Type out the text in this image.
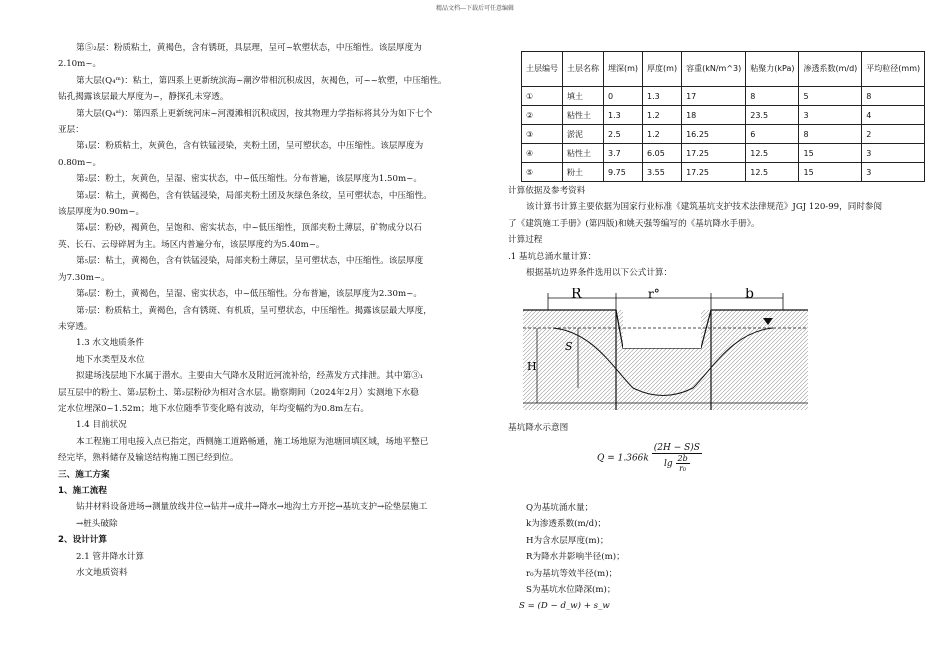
精品文档---下载后可任意编辑

第⑤₂层：粉质粘土，黄褐色，含有锈斑，具层理，呈可~软塑状态，中压缩性。该层厚度为

2.10m~。

第大层(Q₄ᵐ)：粘土，第四系上更新统滨海~潮汐带相沉积成因，灰褐色，可~~软塑，中压缩性。

钻孔揭露该层最大厚度为~，静探孔未穿透。

第大层(Q₄ᵃˡ)：第四系上更新统河床~河漫滩相沉积成因，按其物理力学指标将其分为如下七个

亚层：

第₁层：粉质粘土，灰黄色，含有铁锰浸染，夹粉土团，呈可塑状态，中压缩性。该层厚度为

0.80m~。

第₂层：粉土，灰黄色，呈湿、密实状态，中~低压缩性。分布普遍，该层厚度为1.50m~。

第₃层：粘土，黄褐色，含有铁锰浸染，局部夹粉土团及灰绿色条纹，呈可塑状态，中压缩性。

该层厚度为0.90m~。

第₄层：粉砂，褐黄色，呈饱和、密实状态，中~低压缩性，顶部夹粉土薄层，矿物成分以石

英、长石、云母碎屑为主。场区内普遍分布，该层厚度约为5.40m~。

第₅层：粘土，黄褐色，含有铁锰浸染，局部夹粉土薄层，呈可塑状态，中压缩性。该层厚度

为7.30m~。

第₆层：粉土，黄褐色，呈湿、密实状态，中~低压缩性。分布普遍，该层厚度为2.30m~。

第₇层：粉质粘土，黄褐色，含有锈斑、有机质，呈可塑状态，中压缩性。揭露该层最大厚度，

未穿透。

1.3 水文地质条件

地下水类型及水位

拟建场浅层地下水属于潜水。主要由大气降水及附近河流补给，经蒸发方式排泄。其中第③₁

层互层中的粉土、第₂层粉土、第₂层粉砂为相对含水层。勘察期间（2024年2月）实测地下水稳

定水位埋深0~1.52m；地下水位随季节变化略有波动，年均变幅约为0.8m左右。

1.4 目前状况

本工程施工用电接入点已指定，西侧施工道路畅通，施工场地原为池塘回填区域，场地平整已

经完毕，熟料储存及输送结构施工图已经到位。

三、施工方案

1、施工流程

钻井材料设备进场→测量放线井位→钻井→成井→降水→地沟土方开挖→基坑支护→砼垫层施工

→桩头破除

2、设计计算

2.1 管井降水计算

水文地质资料

土层编号	土层名称	埋深(m)	厚度(m)	容重(kN/m^3)	粘聚力(kPa)	渗透系数(m/d)	平均粒径(mm)
①	填土	0	1.3	17	8	5	8
②	粘性土	1.3	1.2	18	23.5	3	4
③	淤泥	2.5	1.2	16.25	6	8	2
④	粘性土	3.7	6.05	17.25	12.5	15	3
⑤	粉土	9.75	3.55	17.25	12.5	15	3

计算依据及参考资料

该计算书计算主要依据为国家行业标准《建筑基坑支护技术法律规范》JGJ 120-99，同时参阅

了《建筑施工手册》(第四版)和姚天强等编写的《基坑降水手册》。

计算过程

.1 基坑总涌水量计算：

根据基坑边界条件选用以下公式计算：

R	r°	b
H
S
基坑降水示意图
$Q = 1.366k \frac{(2H - S)S}{\lg \frac{2b}{\text{r₀}}}$

Q为基坑涌水量；

k为渗透系数(m/d)；

H为含水层厚度(m)；

R为降水井影响半径(m)；

r₀为基坑等效半径(m)；

S为基坑水位降深(m)；

S = (D − d_w) + s_w
